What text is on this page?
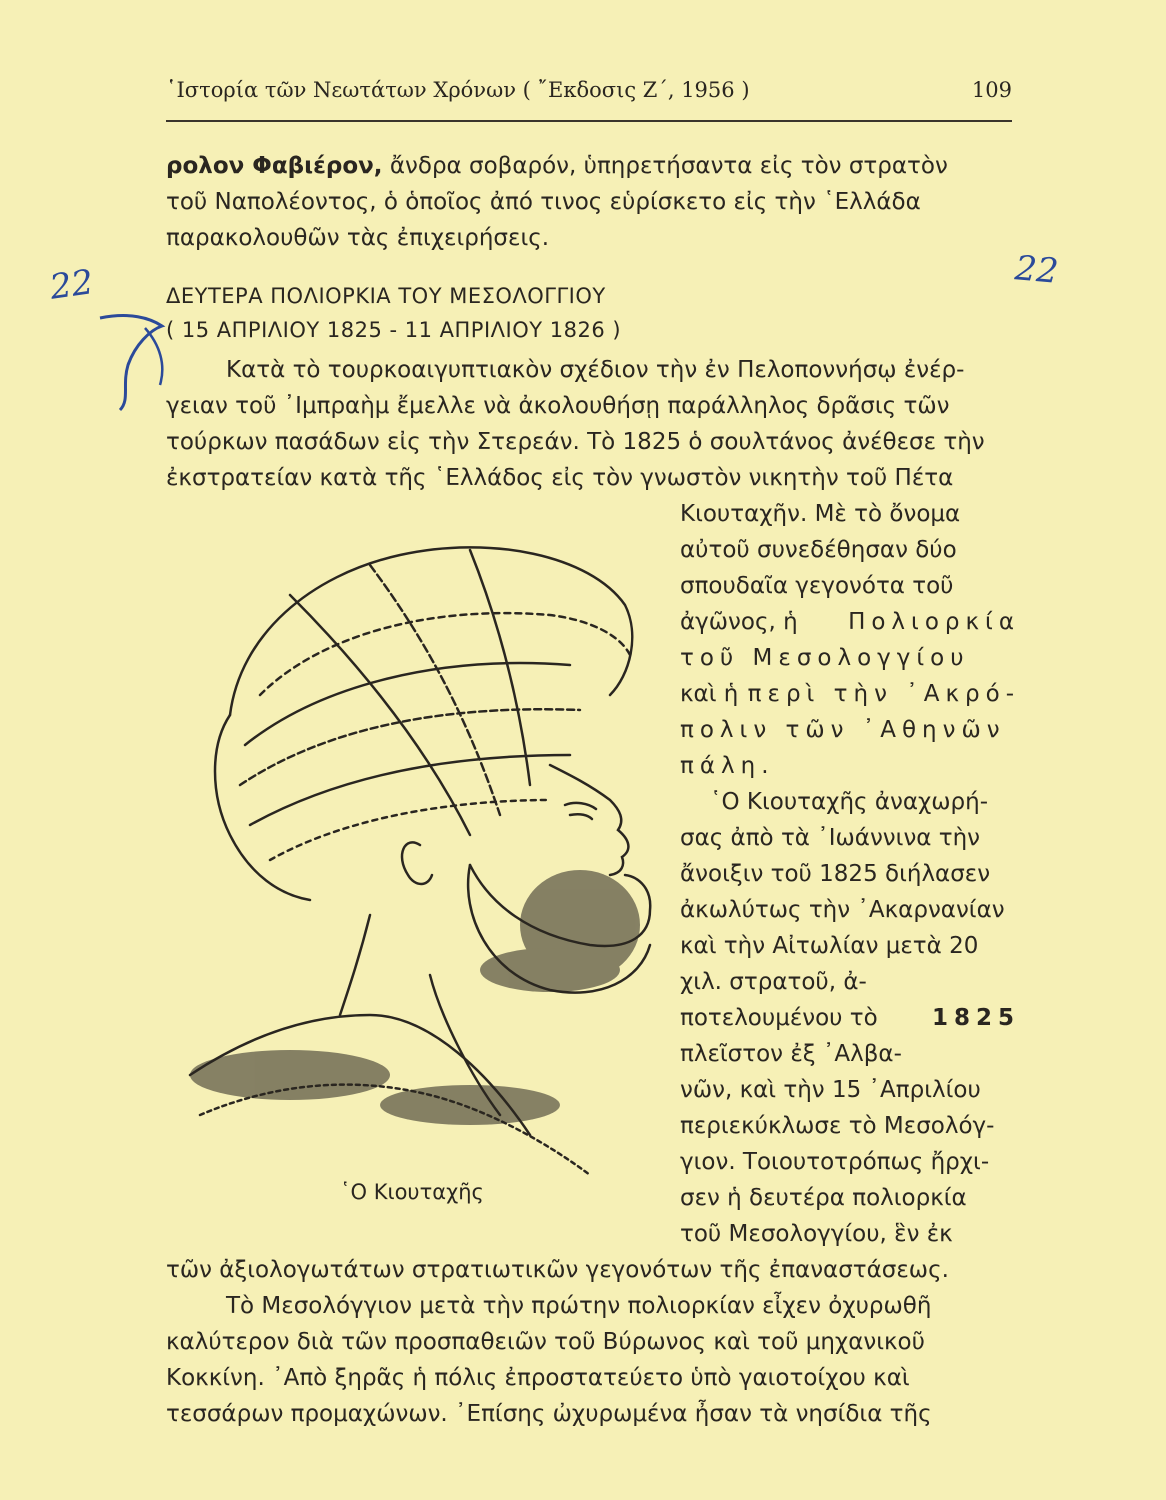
῾Ιστορία τῶν Νεωτάτων Χρόνων ( ῎Εκδοσις Ζ΄, 1956 )	109
ρολον Φαβιέρον, ἄνδρα σοβαρόν, ὑπηρετήσαντα εἰς τὸν στρατὸν
τοῦ Ναπολέοντος, ὁ ὁποῖος ἀπό τινος εὑρίσκετο εἰς τὴν ῾Ελλάδα
παρακολουθῶν τὰς ἐπιχειρήσεις.
ΔΕΥΤΕΡΑ ΠΟΛΙΟΡΚΙΑ ΤΟΥ ΜΕΣΟΛΟΓΓΙΟΥ
( 15 ΑΠΡΙΛΙΟΥ 1825 - 11 ΑΠΡΙΛΙΟΥ 1826 )
Κατὰ τὸ τουρκοαιγυπτιακὸν σχέδιον τὴν ἐν Πελοποννήσῳ ἐνέρ-
γειαν τοῦ ᾿Ιμπραὴμ ἔμελλε νὰ ἀκολουθήσῃ παράλληλος δρᾶσις τῶν
τούρκων πασάδων εἰς τὴν Στερεάν. Τὸ 1825 ὁ σουλτάνος ἀνέθεσε τὴν
ἐκστρατείαν κατὰ τῆς ῾Ελλάδος εἰς τὸν γνωστὸν νικητὴν τοῦ Πέτα
Κιουταχῆν. Μὲ τὸ ὄνομα
αὐτοῦ συνεδέθησαν δύο
σπουδαῖα γεγονότα τοῦ
ἀγῶνος, ἡ Πολιορκία
τοῦ Μεσολογγίου
καὶ ἡ περὶ τὴν ᾿Ακρό-
πολιν τῶν ᾿Αθηνῶν
πάλη.
῾Ο Κιουταχῆς ἀναχωρή-
σας ἀπὸ τὰ ᾿Ιωάννινα τὴν
ἄνοιξιν τοῦ 1825 διήλασεν
ἀκωλύτως τὴν ᾿Ακαρνανίαν
καὶ τὴν Αἰτωλίαν μετὰ 20
χιλ. στρατοῦ, ἀ-
ποτελουμένου τὸ 1825
πλεῖστον ἐξ ᾿Αλβα-
νῶν, καὶ τὴν 15 ᾿Απριλίου
περιεκύκλωσε τὸ Μεσολόγ-
γιον. Τοιουτοτρόπως ἤρχι-
σεν ἡ δευτέρα πολιορκία
τοῦ Μεσολογγίου, ἓν ἐκ
῾Ο Κιουταχῆς
τῶν ἀξιολογωτάτων στρατιωτικῶν γεγονότων τῆς ἐπαναστάσεως.
Τὸ Μεσολόγγιον μετὰ τὴν πρώτην πολιορκίαν εἶχεν ὀχυρωθῆ
καλύτερον διὰ τῶν προσπαθειῶν τοῦ Βύρωνος καὶ τοῦ μηχανικοῦ
Κοκκίνη. ᾿Απὸ ξηρᾶς ἡ πόλις ἐπροστατεύετο ὑπὸ γαιοτοίχου καὶ
τεσσάρων προμαχώνων. ᾿Επίσης ὠχυρωμένα ἦσαν τὰ νησίδια τῆς
22	22
